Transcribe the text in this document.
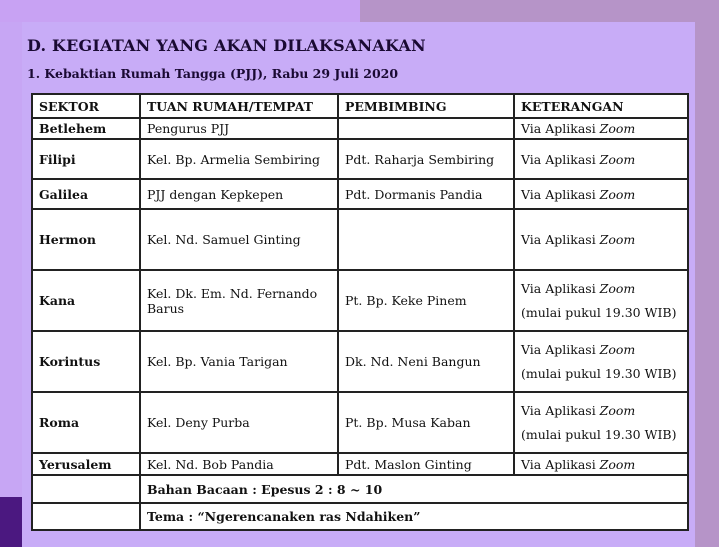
D. KEGIATAN YANG AKAN DILAKSANAKAN
1. Kebaktian Rumah Tangga (PJJ), Rabu 29 Juli 2020
SEKTOR	TUAN RUMAH/TEMPAT	PEMBIMBING	KETERANGAN
Betlehem	Pengurus PJJ		Via Aplikasi Zoom
Filipi	Kel. Bp. Armelia Sembiring	Pdt. Raharja Sembiring	Via Aplikasi Zoom
Galilea	PJJ dengan Kepkepen	Pdt. Dormanis Pandia	Via Aplikasi Zoom
Hermon	Kel. Nd. Samuel Ginting		Via Aplikasi Zoom
Kana	Kel. Dk. Em. Nd. Fernando Barus	Pt. Bp. Keke Pinem	Via Aplikasi Zoom
(mulai pukul 19.30 WIB)

Korintus	Kel. Bp. Vania Tarigan	Dk. Nd. Neni Bangun	Via Aplikasi Zoom
(mulai pukul 19.30 WIB)

Roma	Kel. Deny Purba	Pt. Bp. Musa Kaban	Via Aplikasi Zoom
(mulai pukul 19.30 WIB)

Yerusalem	Kel. Nd. Bob Pandia	Pdt. Maslon Ginting	Via Aplikasi Zoom
	Bahan Bacaan : Epesus 2 : 8 ~ 10		
	Tema : “Ngerencanaken ras Ndahiken”		
